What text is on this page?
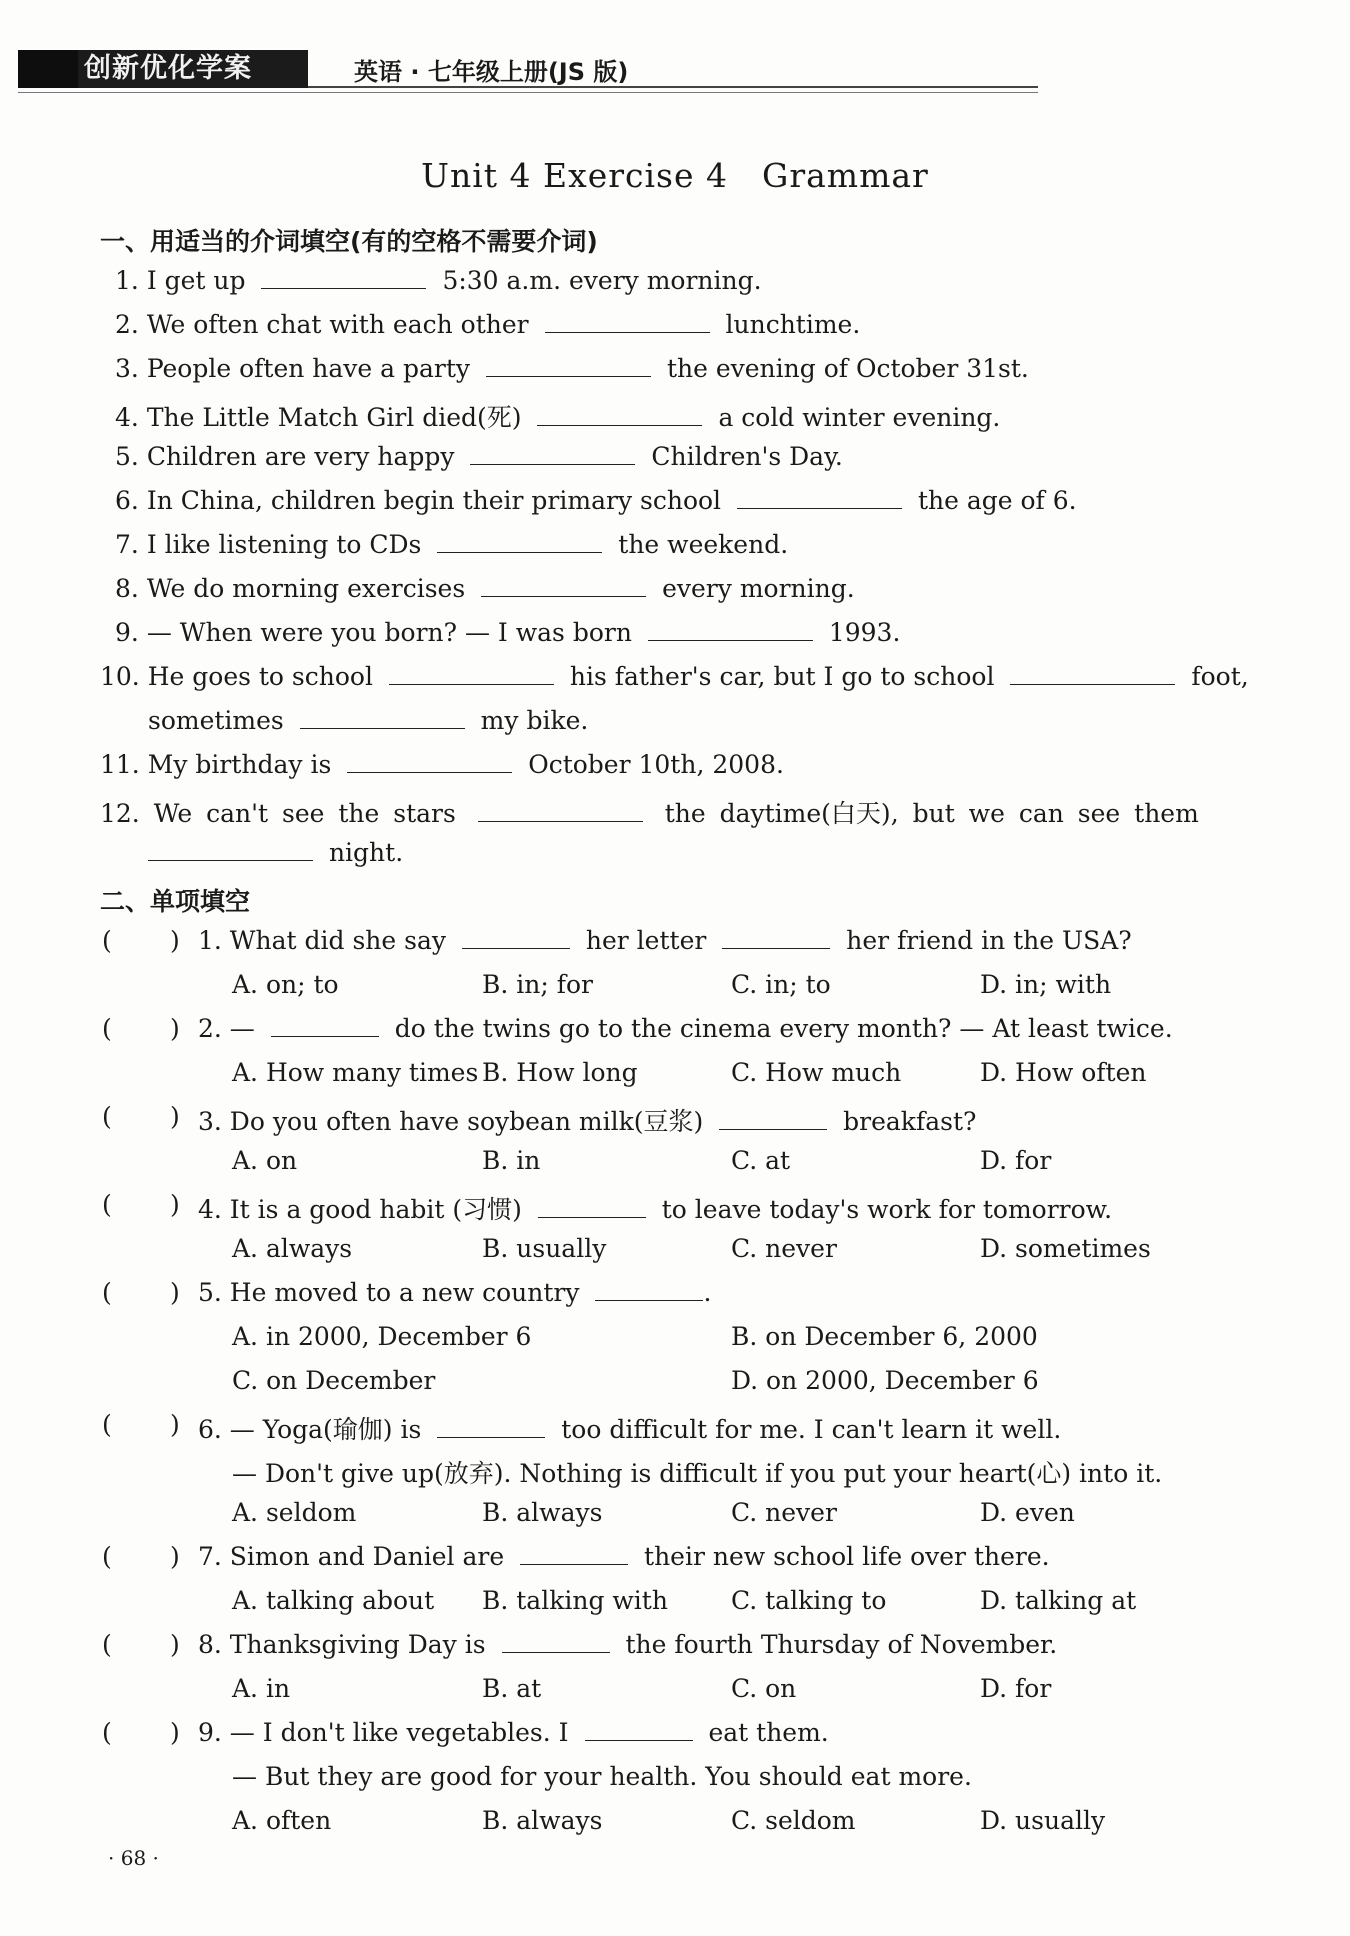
创新优化学案	英语 · 七年级上册(JS 版)
Unit 4 Exercise 4　Grammar
一、用适当的介词填空(有的空格不需要介词)
1. I get up	5:30 a.m. every morning.
2. We often chat with each other	lunchtime.
3. People often have a party	the evening of October 31st.
4. The Little Match Girl died(死)	a cold winter evening.
5. Children are very happy	Children's Day.
6. In China, children begin their primary school	the age of 6.
7. I like listening to CDs	the weekend.
8. We do morning exercises	every morning.
9. — When were you born? — I was born	1993.
10. He goes to school	his father's car, but I go to school	foot,
sometimes	my bike.
11. My birthday is	October 10th, 2008.
12. We can't see the stars	the daytime(白天), but we can see them
night.
二、单项填空
( ) 1. What did she say	her letter	her friend in the USA?
A. on; to	B. in; for	C. in; to	D. in; with
( ) 2. —	do the twins go to the cinema every month? — At least twice.
A. How many times B. How long	C. How much	D. How often
( ) 3. Do you often have soybean milk(豆浆)	breakfast?
A. on	B. in	C. at	D. for
( ) 4. It is a good habit (习惯)	to leave today's work for tomorrow.
A. always	B. usually	C. never	D. sometimes
( ) 5. He moved to a new country	.
A. in 2000, December 6	B. on December 6, 2000
C. on December	D. on 2000, December 6
( ) 6. — Yoga(瑜伽) is	too difficult for me. I can't learn it well.
— Don't give up(放弃). Nothing is difficult if you put your heart(心) into it.
A. seldom	B. always	C. never	D. even
( ) 7. Simon and Daniel are	their new school life over there.
A. talking about B. talking with	C. talking to	D. talking at
( ) 8. Thanksgiving Day is	the fourth Thursday of November.
A. in	B. at	C. on	D. for
( ) 9. — I don't like vegetables. I	eat them.
— But they are good for your health. You should eat more.
A. often	B. always	C. seldom	D. usually
· 68 ·
